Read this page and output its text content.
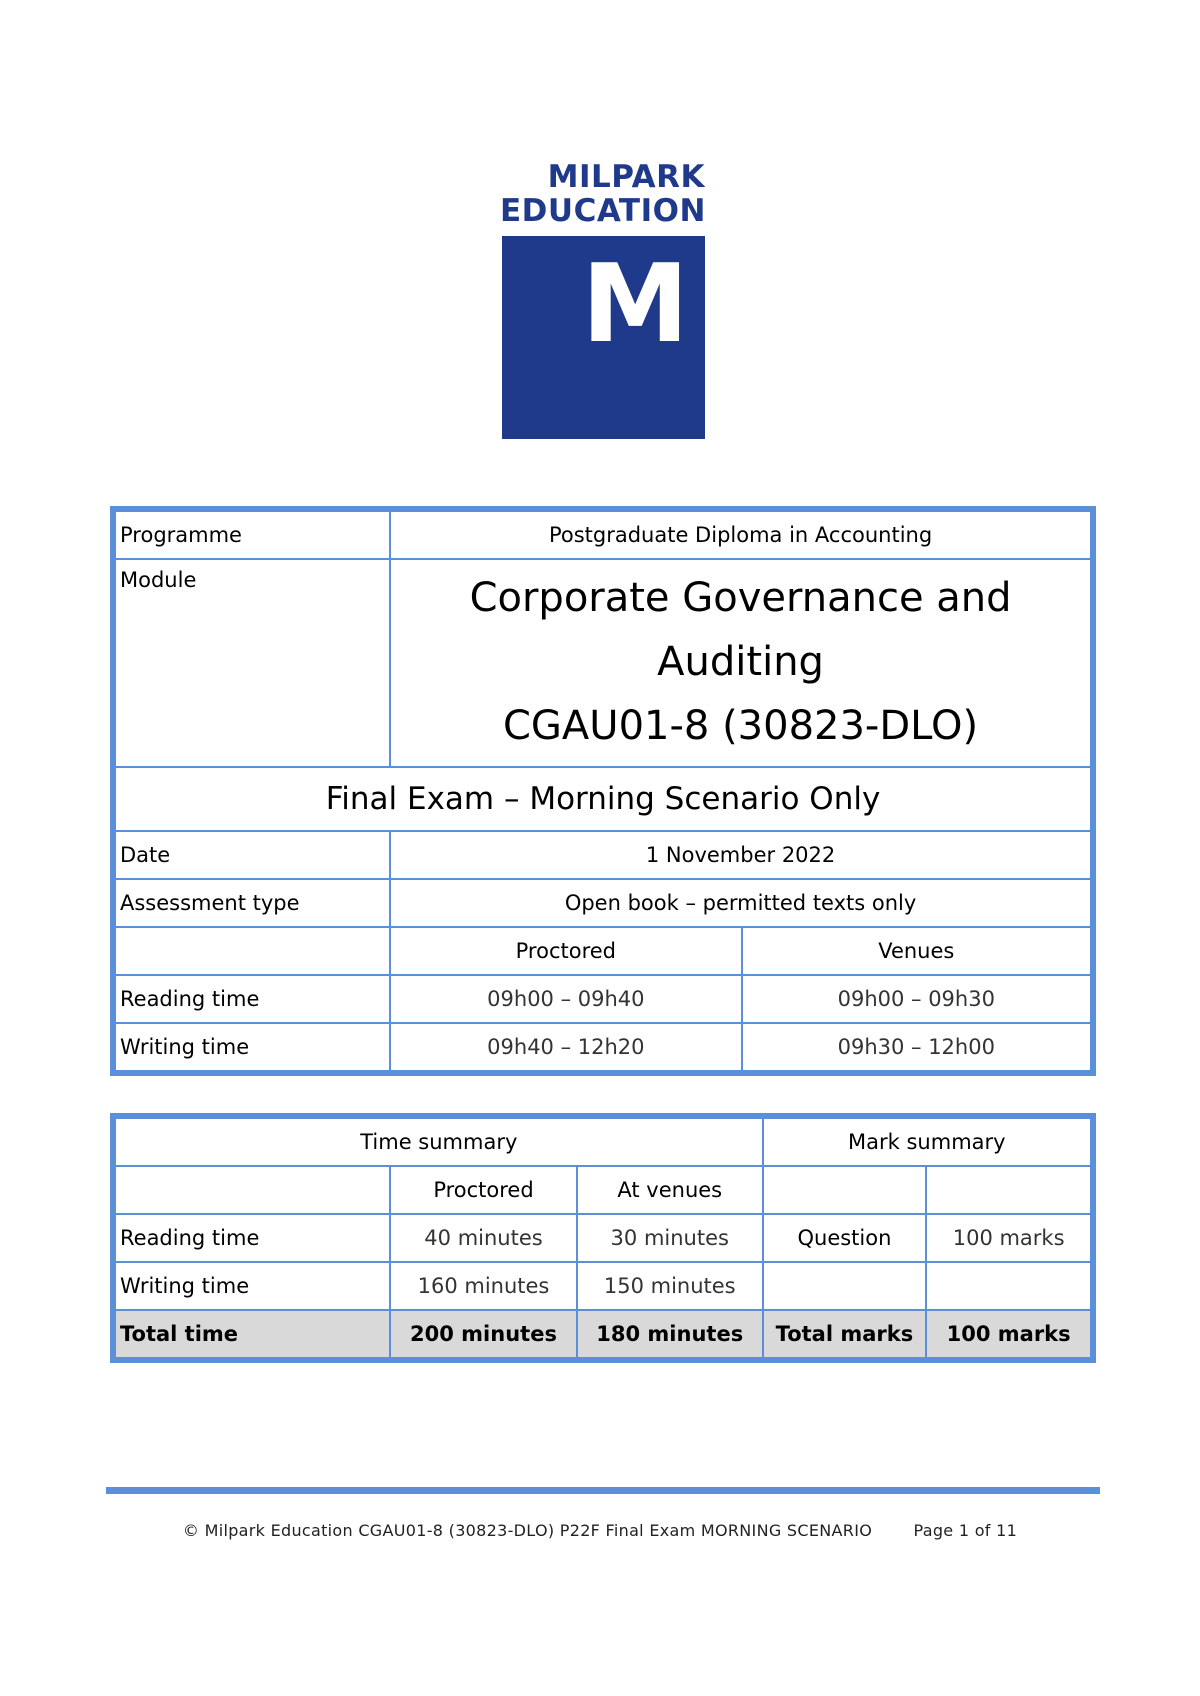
MILPARK
EDUCATION
M
Programme	Postgraduate Diploma in Accounting	
Module	Corporate Governance and
Auditing
CGAU01-8 (30823-DLO)	

Final Exam – Morning Scenario Only		
Date	1 November 2022	
Assessment type	Open book – permitted texts only	
	Proctored	Venues
Reading time	09h00 – 09h40	09h00 – 09h30
Writing time	09h40 – 12h20	09h30 – 12h00
Time summary			Mark summary	
	Proctored	At venues		
Reading time	40 minutes	30 minutes	Question	100 marks
Writing time	160 minutes	150 minutes		
Total time	200 minutes	180 minutes	Total marks	100 marks
© Milpark Education CGAU01-8 (30823-DLO) P22F Final Exam MORNING SCENARIO	Page 1 of 11
